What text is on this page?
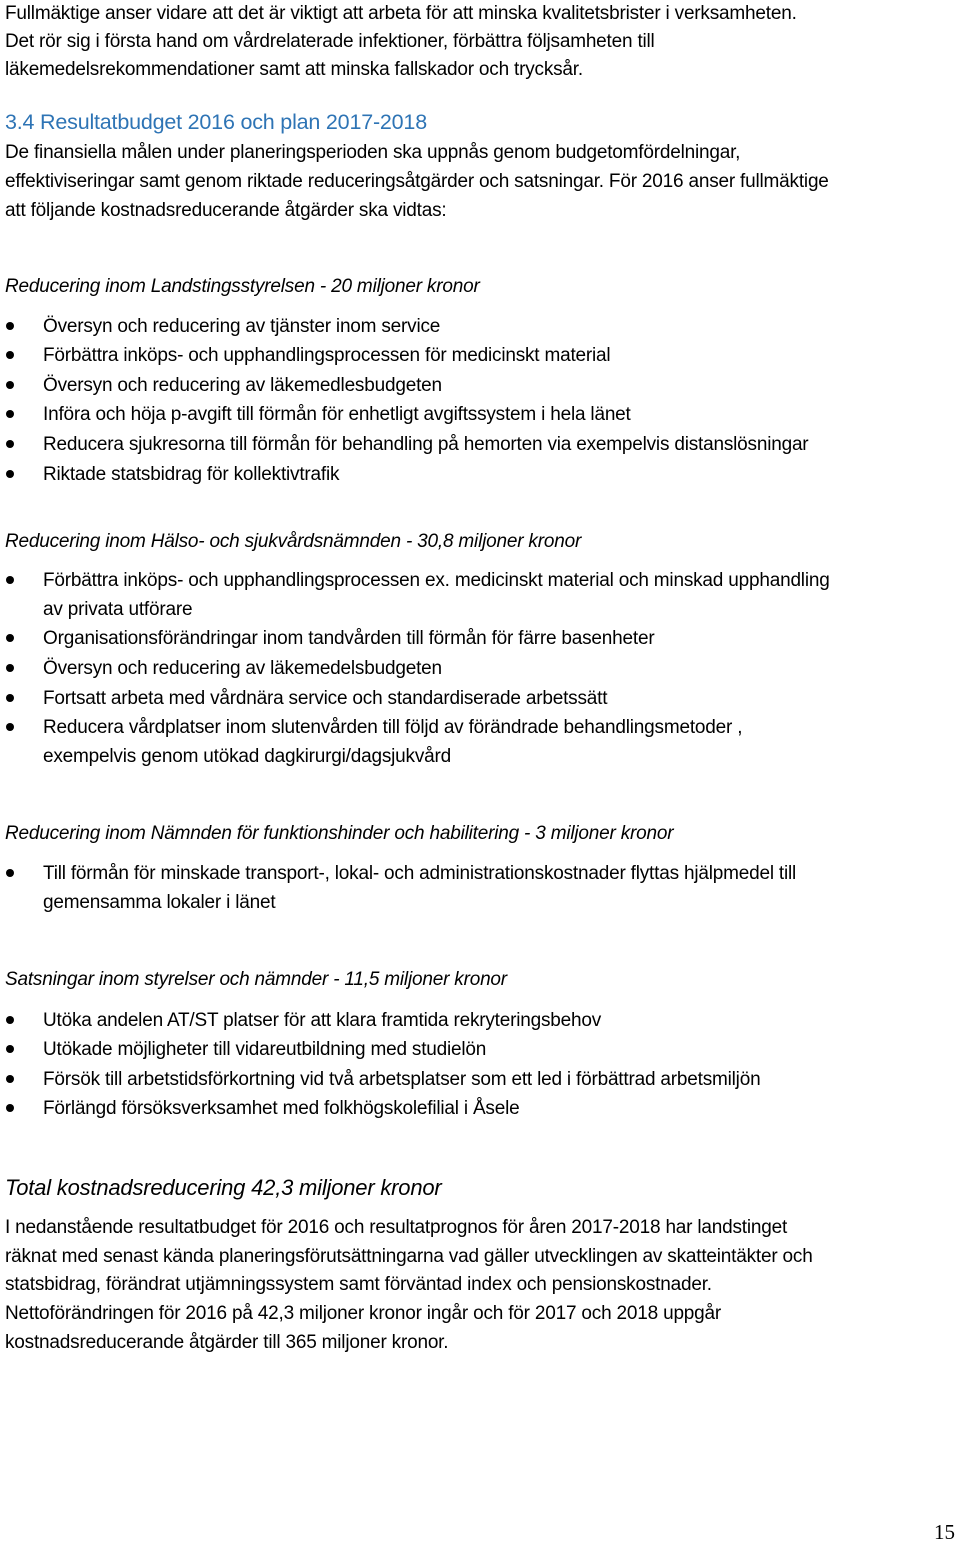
Fullmäktige anser vidare att det är viktigt att arbeta för att minska kvalitetsbrister i verksamheten.
Det rör sig i första hand om vårdrelaterade infektioner, förbättra följsamheten till
läkemedelsrekommendationer samt att minska fallskador och trycksår.
3.4 Resultatbudget 2016 och plan 2017-2018
De finansiella målen under planeringsperioden ska uppnås genom budgetomfördelningar,
effektiviseringar samt genom riktade reduceringsåtgärder och satsningar. För 2016 anser fullmäktige
att följande kostnadsreducerande åtgärder ska vidtas:
Reducering inom Landstingsstyrelsen - 20 miljoner kronor
Översyn och reducering av tjänster inom service
Förbättra inköps- och upphandlingsprocessen för medicinskt material
Översyn och reducering av läkemedlesbudgeten
Införa och höja p-avgift till förmån för enhetligt avgiftssystem i hela länet
Reducera sjukresorna till förmån för behandling på hemorten via exempelvis distanslösningar
Riktade statsbidrag för kollektivtrafik
Reducering inom Hälso- och sjukvårdsnämnden - 30,8 miljoner kronor
Förbättra inköps- och upphandlingsprocessen ex. medicinskt material och minskad upphandling
av privata utförare
Organisationsförändringar inom tandvården till förmån för färre basenheter
Översyn och reducering av läkemedelsbudgeten
Fortsatt arbeta med vårdnära service och standardiserade arbetssätt
Reducera vårdplatser inom slutenvården till följd av förändrade behandlingsmetoder ,
exempelvis genom utökad dagkirurgi/dagsjukvård
Reducering inom Nämnden för funktionshinder och habilitering - 3 miljoner kronor
Till förmån för minskade transport-, lokal- och administrationskostnader flyttas hjälpmedel till
gemensamma lokaler i länet
Satsningar inom styrelser och nämnder - 11,5 miljoner kronor
Utöka andelen AT/ST platser för att klara framtida rekryteringsbehov
Utökade möjligheter till vidareutbildning med studielön
Försök till arbetstidsförkortning vid två arbetsplatser som ett led i förbättrad arbetsmiljön
Förlängd försöksverksamhet med folkhögskolefilial i Åsele
Total kostnadsreducering 42,3 miljoner kronor
I nedanstående resultatbudget för 2016 och resultatprognos för åren 2017-2018 har landstinget
räknat med senast kända planeringsförutsättningarna vad gäller utvecklingen av skatteintäkter och
statsbidrag, förändrat utjämningssystem samt förväntad index och pensionskostnader.
Nettoförändringen för 2016 på 42,3 miljoner kronor ingår och för 2017 och 2018 uppgår
kostnadsreducerande åtgärder till 365 miljoner kronor.
15
